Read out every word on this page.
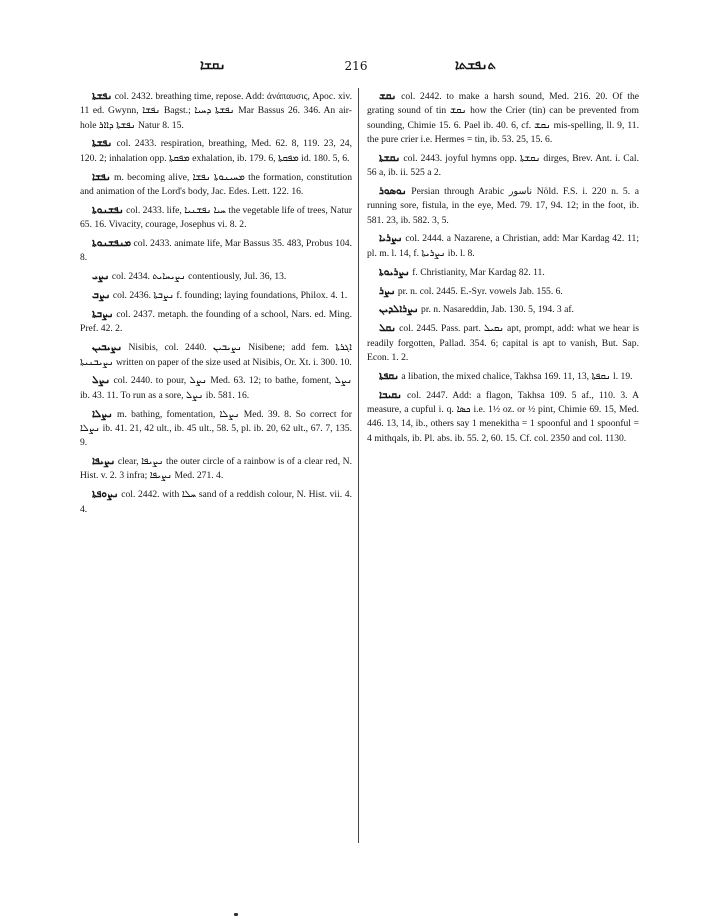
ܢܩܫܐ	216	ܬܢܦܫܬܐ

ܢܦܫܬܐ col. 2432. breathing time, repose. Add: ἀνάπαυσις, Apoc. xiv. 11 ed. Gwynn, ܢܦܫܐ Bagst.; ܢܦܫܬܐ ܕܚܝܐ Mar Bassus 26. 346. An air-hole ܢܦܫܬܐ ܕܐܐܪ Natur 8. 15.

ܢܦܫܬܐ col. 2433. respiration, breathing, Med. 62. 8, 119. 23, 24, 120. 2; inhalation opp. ܡܦܩܬܐ exhalation, ib. 179. 6, ܡܦܩܬܐ id. 180. 5, 6.

ܢܦܫܐ m. becoming alive, ܡܚܝܢܘܬܐ ܢܦܫܐ the formation, constitution and animation of the Lord's body, Jac. Edes. Lett. 122. 16.

ܢܦܫܢܘܬܐ col. 2433. life, ܚܝܐ ܢܦܫܢܝܐ the vegetable life of trees, Natur 65. 16. Vivacity, courage, Josephus vi. 8. 2.

ܡܢܦܫܢܘܬܐ col. 2433. animate life, Mar Bassus 35. 483, Probus 104. 8.

ܢܨܝ col. 2434. ܢܨܝܚܐܝܬ contentiously, Jul. 36, 13.

ܢܨܒ col. 2436. ܢܨܒܬܐ f. founding; laying foundations, Philox. 4. 1.

ܢܨܒܬܐ col. 2437. metaph. the founding of a school, Nars. ed. Ming. Pref. 42. 2.

ܢܨܝܒܝܢ Nisibis, col. 2440. ܢܨܝܒܝܢ Nisibene; add fem. ܐܓܪܬܐ ܢܨܝܒܢܝܬܐ written on paper of the size used at Nisibis, Or. Xt. i. 300. 10.

ܢܨܠ col. 2440. to pour, ܢܨܠ Med. 63. 12; to bathe, foment, ܢܨܠ ib. 43. 11. To run as a sore, ܢܨܠ ib. 581. 16.

ܢܨܠܐ m. bathing, fomentation, ܢܨܠܐ Med. 39. 8. So correct for ܢܨܠܐ ib. 41. 21, 42 ult., ib. 45 ult., 58. 5, pl. ib. 20, 62 ult., 67. 7, 135. 9.

ܢܨܝܦܐ clear, ܢܨܝܦܐ the outer circle of a rainbow is of a clear red, N. Hist. v. 2. 3 infra; ܢܨܝܦܐ Med. 271. 4.

ܢܨܘܦܬܐ col. 2442. with ܚܠܐ sand of a reddish colour, N. Hist. vii. 4. 4.

ܢܩܫ col. 2442. to make a harsh sound, Med. 216. 20. Of the grating sound of tin ܢܩܫ how the Crier (tin) can be prevented from sounding, Chimie 15. 6. Pael ib. 40. 6, cf. ܢܩܫ mis-spelling, ll. 9, 11. the pure crier i.e. Hermes = tin, ib. 53. 25, 15. 6.

ܢܩܫܬܐ col. 2443. joyful hymns opp. ܢܩܫܬܐ dirges, Brev. Ant. i. Cal. 56 a, ib. ii. 525 a 2.

ܢܘܣܘܪ Persian through Arabic ناسور Nöld. F.S. i. 220 n. 5. a running sore, fistula, in the eye, Med. 79. 17, 94. 12; in the foot, ib. 581. 23, ib. 582. 3, 5.

ܢܨܪܝܐ col. 2444. a Nazarene, a Christian, add: Mar Kardag 42. 11; pl. m. l. 14, f. ܢܨܪܝܬܐ ib. l. 8.

ܢܨܪܝܘܬܐ f. Christianity, Mar Kardag 82. 11.

ܢܨܪ pr. n. col. 2445. E.-Syr. vowels Jab. 155. 6.

ܢܨܪܐܠܕܝܢ pr. n. Nasareddin, Jab. 130. 5, 194. 3 af.

ܢܩܠ col. 2445. Pass. part. ܢܩܝܠ apt, prompt, add: what we hear is readily forgotten, Pallad. 354. 6; capital is apt to vanish, But. Sap. Econ. 1. 2.

ܢܩܦܬܐ a libation, the mixed chalice, Takhsa 169. 11, 13, ܢܩܦܬܐ l. 19.

ܢܩܝܒܐ col. 2447. Add: a flagon, Takhsa 109. 5 af., 110. 3. A measure, a cupful i. q. ܟܣܐ i.e. 1½ oz. or ½ pint, Chimie 69. 15, Med. 446. 13, 14, ib., others say 1 menekitha = 1 spoonful and 1 spoonful = 4 mithqals, ib. Pl. abs. ib. 55. 2, 60. 15. Cf. col. 2350 and col. 1130.
